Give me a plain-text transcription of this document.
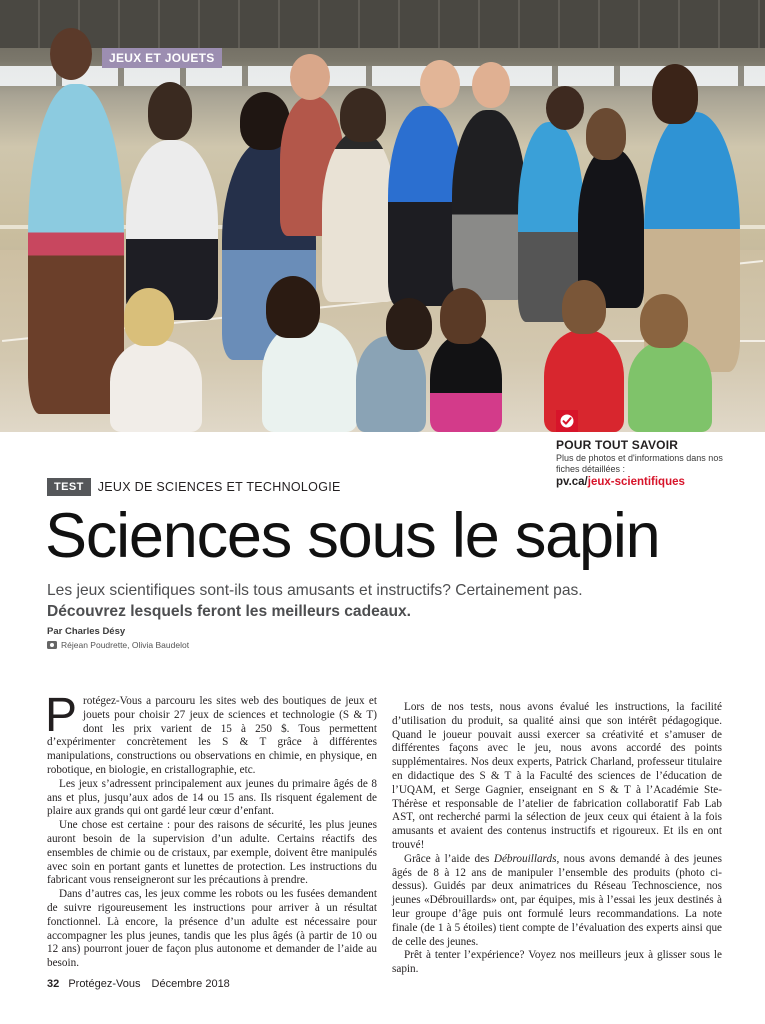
JEUX ET JOUETS
POUR TOUT SAVOIR
Plus de photos et d'informations dans nos fiches détaillées :
pv.ca/jeux-scientifiques
TEST	JEUX DE SCIENCES ET TECHNOLOGIE
Sciences sous le sapin
Les jeux scientifiques sont-ils tous amusants et instructifs? Certainement pas.
Découvrez lesquels feront les meilleurs cadeaux.
Par Charles Désy
Réjean Poudrette, Olivia Baudelot

Protégez-Vous a parcouru les sites web des boutiques de jeux et jouets pour choisir 27 jeux de sciences et technologie (S & T) dont les prix varient de 15 à 250 $. Tous permettent d’expérimenter concrètement les S & T grâce à différentes manipulations, constructions ou observations en chimie, en physique, en robotique, en biologie, en cristallographie, etc.

Les jeux s’adressent principalement aux jeunes du primaire âgés de 8 ans et plus, jusqu’aux ados de 14 ou 15 ans. Ils risquent également de plaire aux grands qui ont gardé leur cœur d’enfant.

Une chose est certaine : pour des raisons de sécurité, les plus jeunes auront besoin de la supervision d’un adulte. Certains réactifs des ensembles de chimie ou de cristaux, par exemple, doivent être manipulés avec soin en portant gants et lunettes de protection. Les instructions du fabricant vous renseigneront sur les précautions à prendre.

Dans d’autres cas, les jeux comme les robots ou les fusées demandent de suivre rigoureusement les instructions pour arriver à un résultat fonctionnel. Là encore, la présence d’un adulte est nécessaire pour accompagner les plus jeunes, tandis que les plus âgés (à partir de 10 ou 12 ans) pourront jouer de façon plus autonome et demander de l’aide au besoin.

Lors de nos tests, nous avons évalué les instructions, la facilité d’utilisation du produit, sa qualité ainsi que son intérêt pédagogique. Quand le joueur pouvait aussi exercer sa créativité et s’amuser de différentes façons avec le jeu, nous avons accordé des points supplémentaires. Nos deux experts, Patrick Charland, professeur titulaire en didactique des S & T à la Faculté des sciences de l’éducation de l’UQAM, et Serge Gagnier, enseignant en S & T à l’Académie Ste-Thérèse et responsable de l’atelier de fabrication collaboratif Fab Lab AST, ont recherché parmi la sélection de jeux ceux qui étaient à la fois amusants et avaient des contenus instructifs et rigoureux. Et ils en ont trouvé!

Grâce à l’aide des Débrouillards, nous avons demandé à des jeunes âgés de 8 à 12 ans de manipuler l’ensemble des produits (photo ci-dessus). Guidés par deux animatrices du Réseau Technoscience, nos jeunes «Débrouillards» ont, par équipes, mis à l’essai les jeux destinés à leur groupe d’âge puis ont formulé leurs recommandations. La note finale (de 1 à 5 étoiles) tient compte de l’évaluation des experts ainsi que de celle des jeunes.

Prêt à tenter l’expérience? Voyez nos meilleurs jeux à glisser sous le sapin.

32 Protégez-Vous Décembre 2018
